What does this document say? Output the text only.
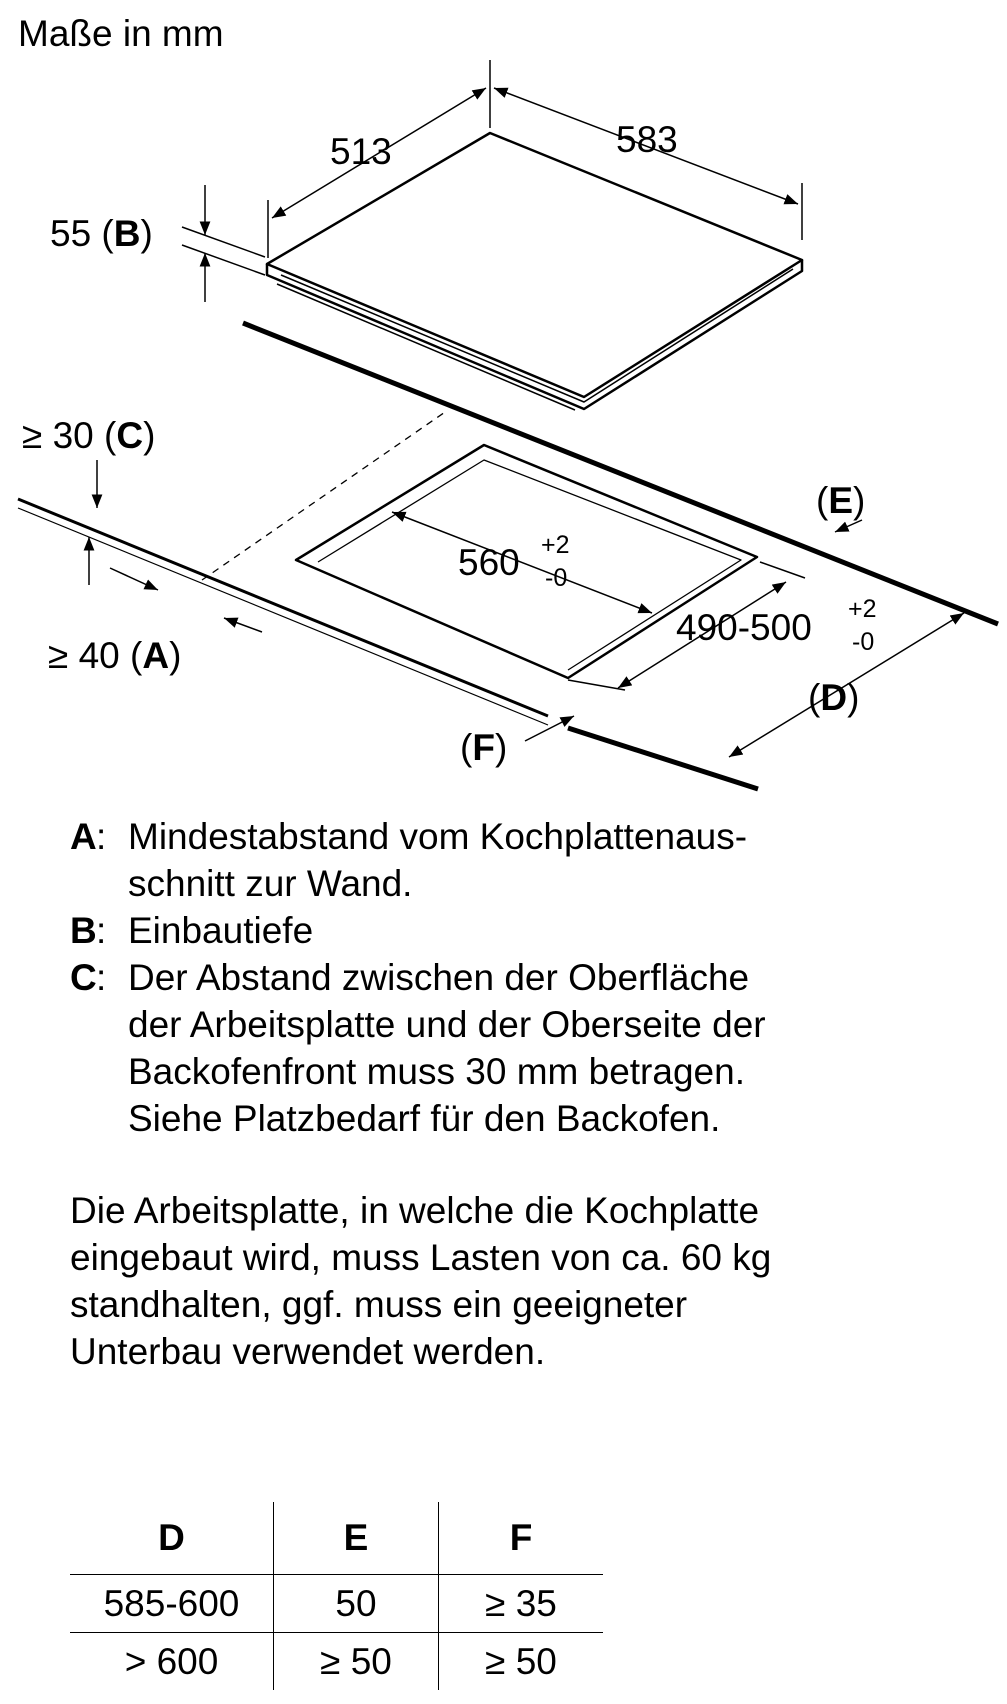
Maße in mm
513	583
55 (B)
560 +2
-0
490-500 +2
-0
≥ 30 (C)
≥ 40 (A)
(E)
(D)
(F)
A : Mindestabstand vom Kochplattenaus-
schnitt zur Wand.
B : Einbautiefe
C : Der Abstand zwischen der Oberfläche
der Arbeitsplatte und der Oberseite der
Backofenfront muss 30 mm betragen.
Siehe Platzbedarf für den Backofen.
Die Arbeitsplatte, in welche die Kochplatte
eingebaut wird, muss Lasten von ca. 60 kg
standhalten, ggf. muss ein geeigneter
Unterbau verwendet werden.
D	E	F
585-600	50	≥ 35
> 600	≥ 50	≥ 50
